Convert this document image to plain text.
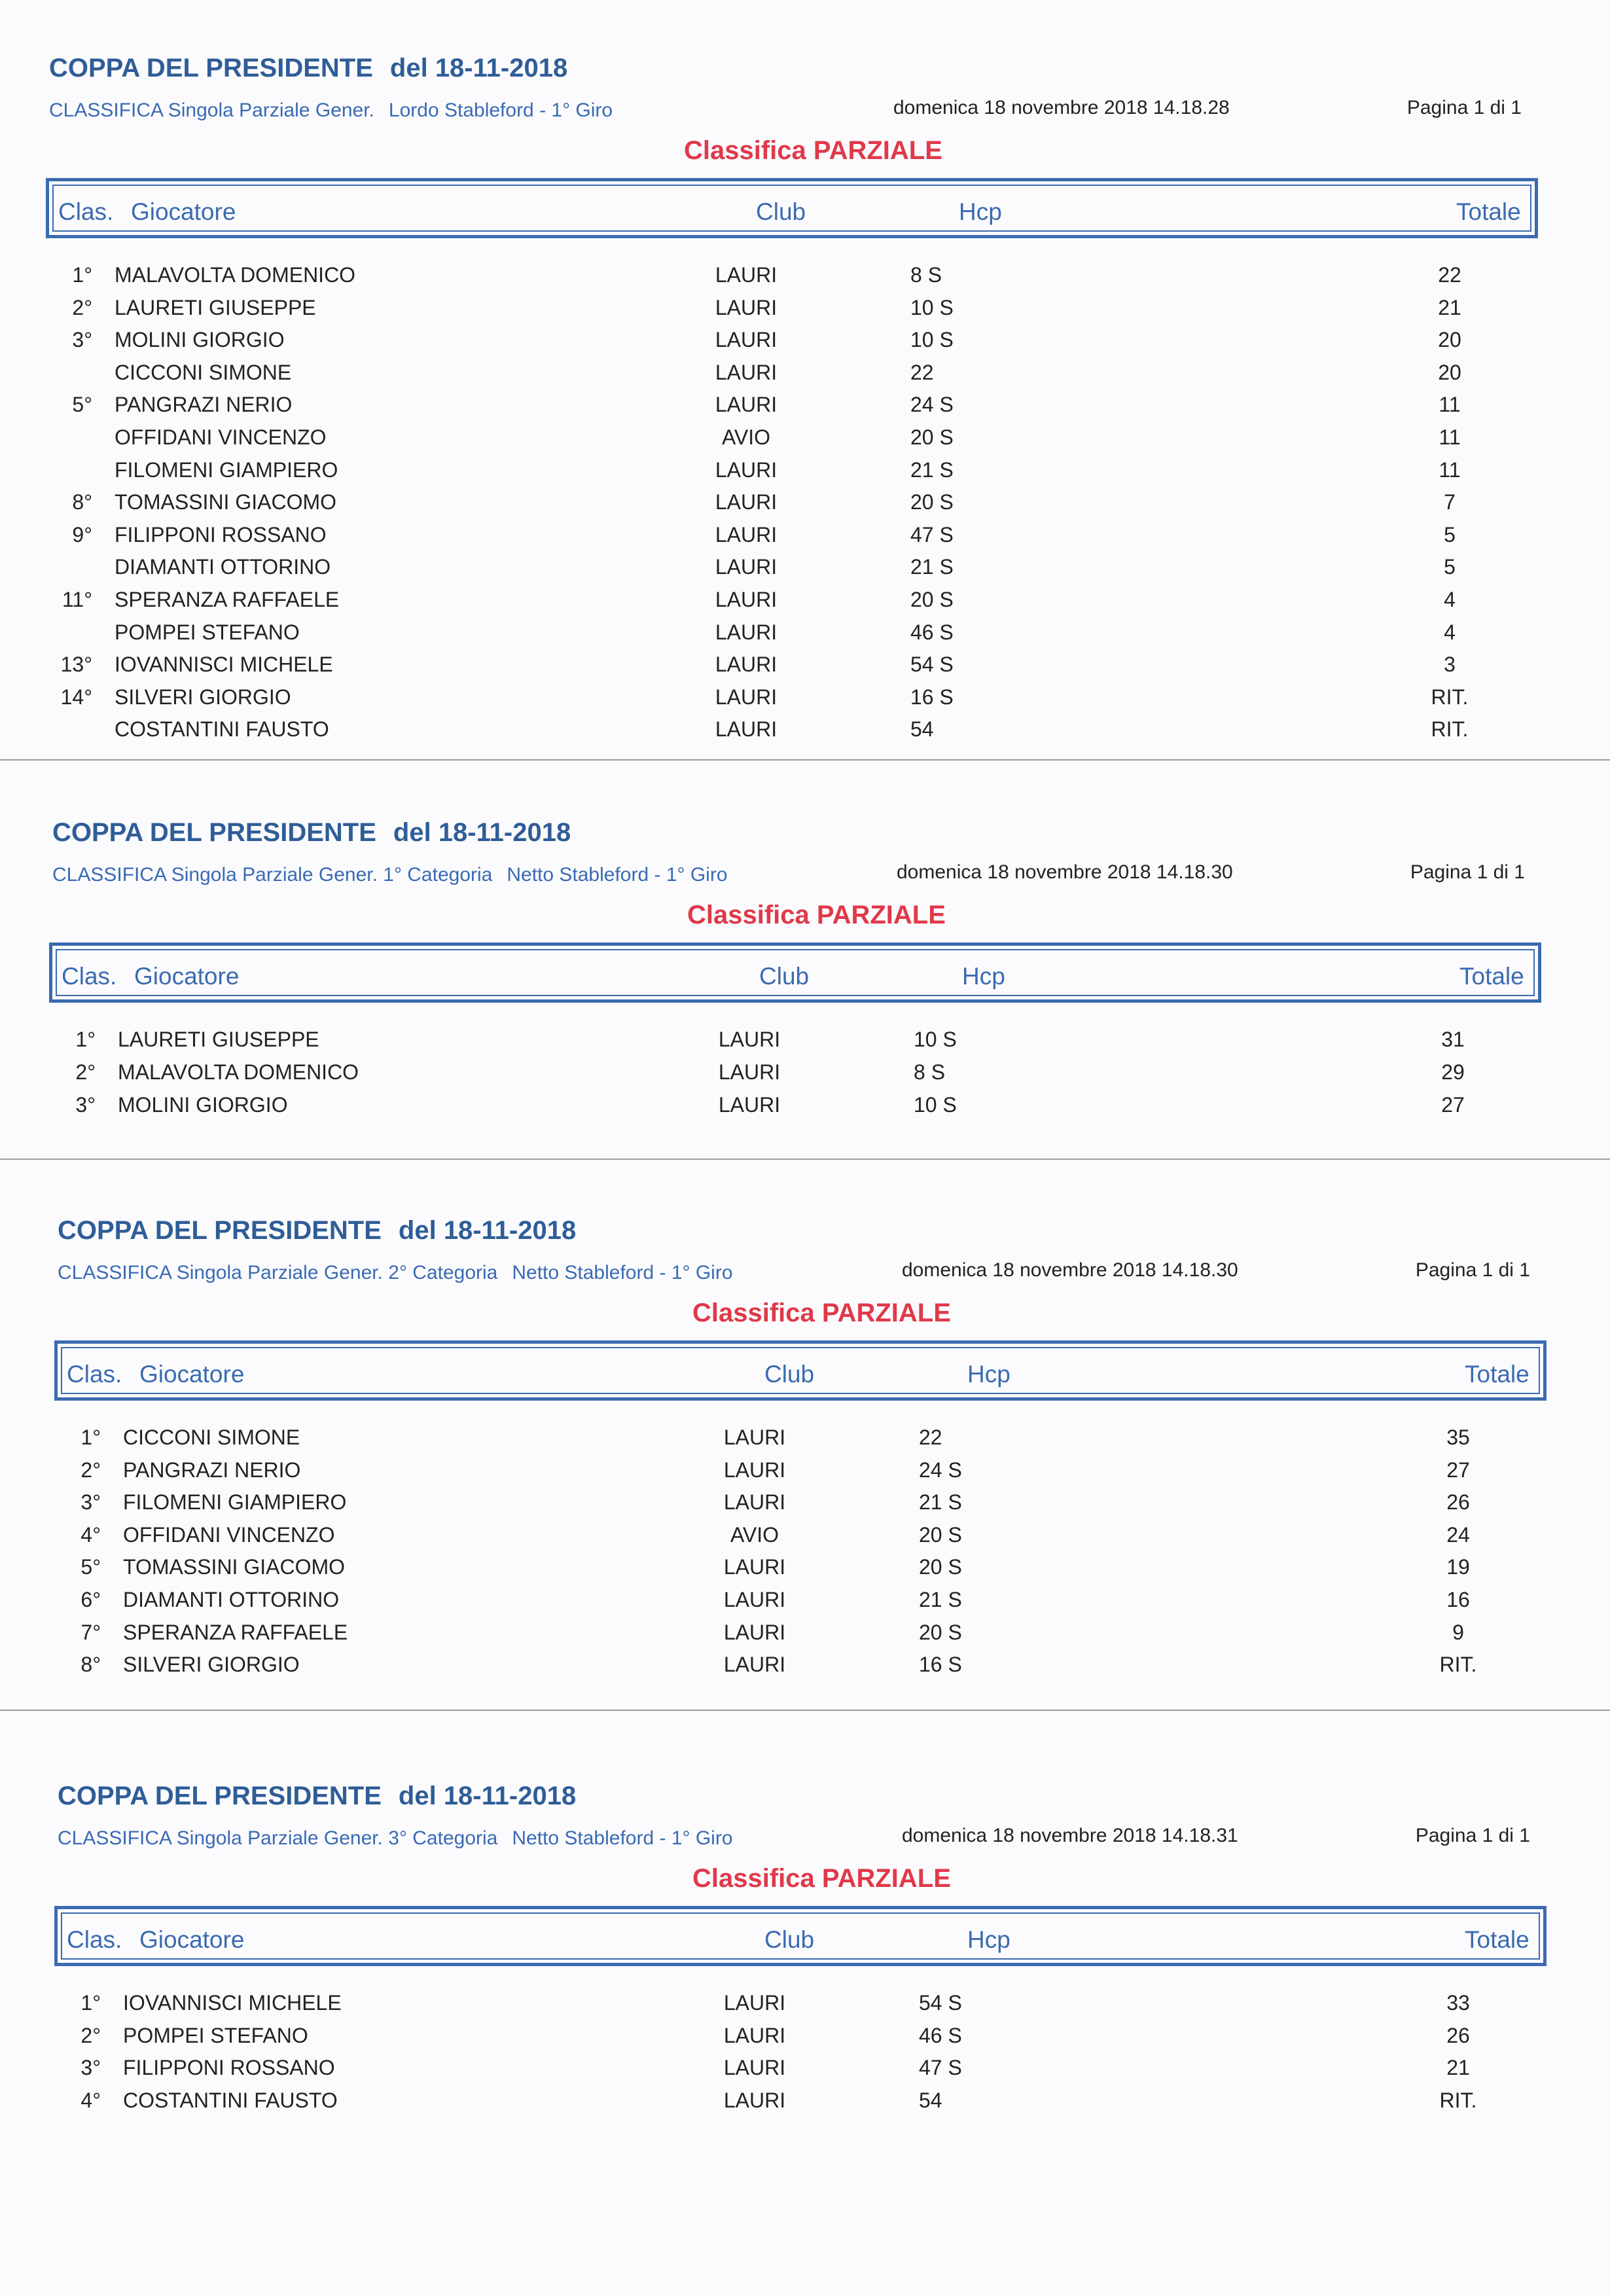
COPPA DEL PRESIDENTE del 18-11-2018
CLASSIFICA Singola Parziale Gener. Lordo Stableford - 1° Giro	domenica 18 novembre 2018 14.18.28	Pagina 1 di 1
Classifica PARZIALE
Clas. Giocatore	Club	Hcp	Totale
1° MALAVOLTA DOMENICO	LAURI	8 S	22
2° LAURETI GIUSEPPE	LAURI	10 S	21
3° MOLINI GIORGIO	LAURI	10 S	20
CICCONI SIMONE	LAURI	22	20
5° PANGRAZI NERIO	LAURI	24 S	11
OFFIDANI VINCENZO	AVIO	20 S	11
FILOMENI GIAMPIERO	LAURI	21 S	11
8° TOMASSINI GIACOMO	LAURI	20 S	7
9° FILIPPONI ROSSANO	LAURI	47 S	5
DIAMANTI OTTORINO	LAURI	21 S	5
11° SPERANZA RAFFAELE	LAURI	20 S	4
POMPEI STEFANO	LAURI	46 S	4
13° IOVANNISCI MICHELE	LAURI	54 S	3
14° SILVERI GIORGIO	LAURI	16 S	RIT.
COSTANTINI FAUSTO	LAURI	54	RIT.
COPPA DEL PRESIDENTE del 18-11-2018
CLASSIFICA Singola Parziale Gener. 1° Categoria Netto Stableford - 1° Giro	domenica 18 novembre 2018 14.18.30	Pagina 1 di 1
Classifica PARZIALE
Clas. Giocatore	Club	Hcp	Totale
1° LAURETI GIUSEPPE	LAURI	10 S	31
2° MALAVOLTA DOMENICO	LAURI	8 S	29
3° MOLINI GIORGIO	LAURI	10 S	27
COPPA DEL PRESIDENTE del 18-11-2018
CLASSIFICA Singola Parziale Gener. 2° Categoria Netto Stableford - 1° Giro	domenica 18 novembre 2018 14.18.30	Pagina 1 di 1
Classifica PARZIALE
Clas. Giocatore	Club	Hcp	Totale
1° CICCONI SIMONE	LAURI	22	35
2° PANGRAZI NERIO	LAURI	24 S	27
3° FILOMENI GIAMPIERO	LAURI	21 S	26
4° OFFIDANI VINCENZO	AVIO	20 S	24
5° TOMASSINI GIACOMO	LAURI	20 S	19
6° DIAMANTI OTTORINO	LAURI	21 S	16
7° SPERANZA RAFFAELE	LAURI	20 S	9
8° SILVERI GIORGIO	LAURI	16 S	RIT.
COPPA DEL PRESIDENTE del 18-11-2018
CLASSIFICA Singola Parziale Gener. 3° Categoria Netto Stableford - 1° Giro	domenica 18 novembre 2018 14.18.31	Pagina 1 di 1
Classifica PARZIALE
Clas. Giocatore	Club	Hcp	Totale
1° IOVANNISCI MICHELE	LAURI	54 S	33
2° POMPEI STEFANO	LAURI	46 S	26
3° FILIPPONI ROSSANO	LAURI	47 S	21
4° COSTANTINI FAUSTO	LAURI	54	RIT.
